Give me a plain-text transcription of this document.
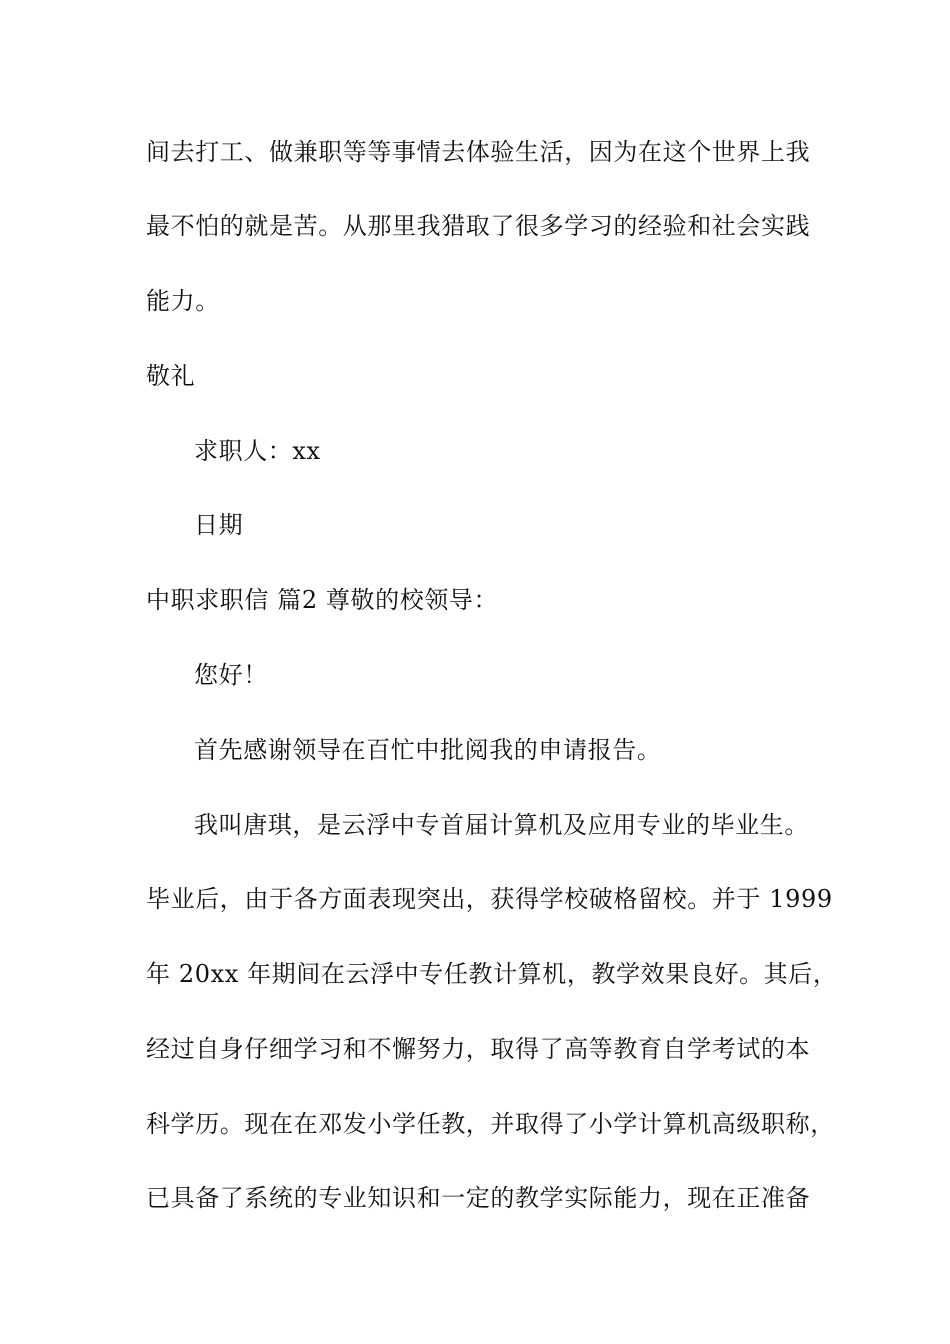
间去打工、做兼职等等事情去体验生活，因为在这个世界上我
最不怕的就是苦。从那里我猎取了很多学习的经验和社会实践
能力。
敬礼
求职人：xx
日期
中职求职信 篇2 尊敬的校领导：
您好！
首先感谢领导在百忙中批阅我的申请报告。
我叫唐琪，是云浮中专首届计算机及应用专业的毕业生。
毕业后，由于各方面表现突出，获得学校破格留校。并于 1999
年 20xx 年期间在云浮中专任教计算机，教学效果良好。其后，
经过自身仔细学习和不懈努力，取得了高等教育自学考试的本
科学历。现在在邓发小学任教，并取得了小学计算机高级职称，
已具备了系统的专业知识和一定的教学实际能力，现在正准备
